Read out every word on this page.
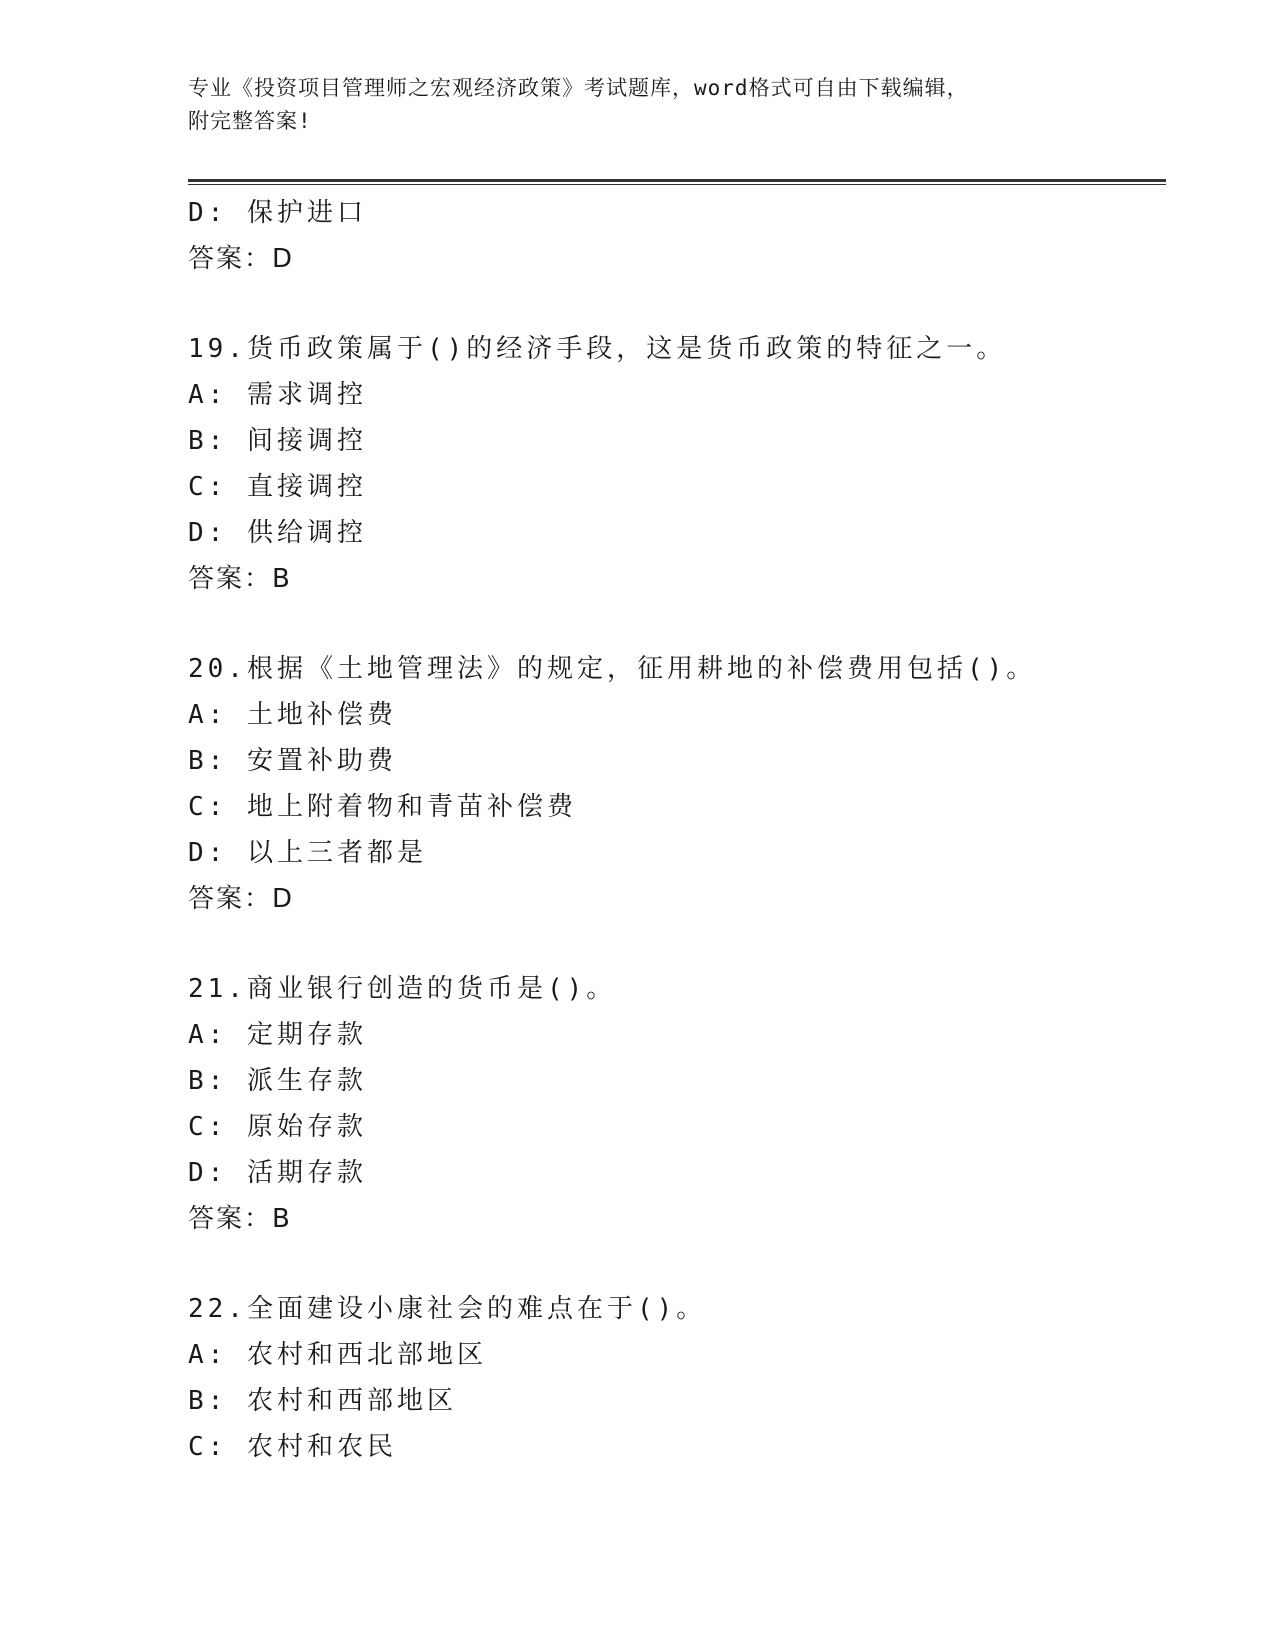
专业《投资项目管理师之宏观经济政策》考试题库，word格式可自由下载编辑，
附完整答案!
D: 保护进口
答案：D
19.货币政策属于()的经济手段，这是货币政策的特征之一。
A: 需求调控
B: 间接调控
C: 直接调控
D: 供给调控
答案：B
20.根据《土地管理法》的规定，征用耕地的补偿费用包括()。
A: 土地补偿费
B: 安置补助费
C: 地上附着物和青苗补偿费
D: 以上三者都是
答案：D
21.商业银行创造的货币是()。
A: 定期存款
B: 派生存款
C: 原始存款
D: 活期存款
答案：B
22.全面建设小康社会的难点在于()。
A: 农村和西北部地区
B: 农村和西部地区
C: 农村和农民
